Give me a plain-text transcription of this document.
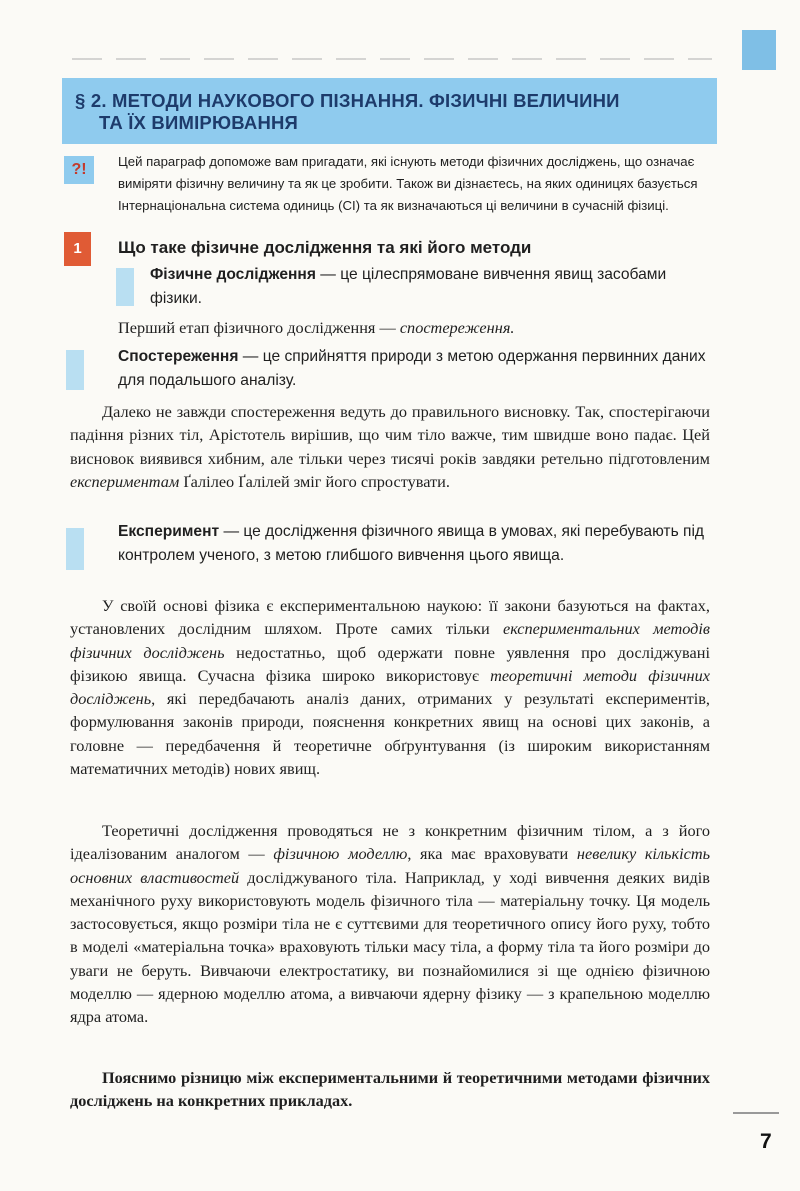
§ 2. МЕТОДИ НАУКОВОГО ПІЗНАННЯ. ФІЗИЧНІ ВЕЛИЧИНИ
ТА ЇХ ВИМІРЮВАННЯ
?!	Цей параграф допоможе вам пригадати, які існують методи фізичних досліджень, що означає виміряти фізичну величину та як це зробити. Також ви дізнаєтесь, на яких одиницях базується Інтернаціональна система одиниць (СІ) та як визначаються ці величини в сучасній фізиці.

1	Що таке фізичне дослідження та які його методи

Фізичне дослідження — це цілеспрямоване вивчення явищ засобами фізики.

Перший етап фізичного дослідження — спостереження.

Спостереження — це сприйняття природи з метою одержання первинних даних для подальшого аналізу.

Далеко не завжди спостереження ведуть до правильного висновку. Так, спостерігаючи падіння різних тіл, Арістотель вирішив, що чим тіло важче, тим швидше воно падає. Цей висновок виявився хибним, але тільки через тисячі років завдяки ретельно підготовленим експериментам Ґалілео Ґалілей зміг його спростувати.

Експеримент — це дослідження фізичного явища в умовах, які перебувають під контролем ученого, з метою глибшого вивчення цього явища.

У своїй основі фізика є експериментальною наукою: її закони базуються на фактах, установлених дослідним шляхом. Проте самих тільки експериментальних методів фізичних досліджень недостатньо, щоб одержати повне уявлення про досліджувані фізикою явища. Сучасна фізика широко використовує теоретичні методи фізичних досліджень, які передбачають аналіз даних, отриманих у результаті експериментів, формулювання законів природи, пояснення конкретних явищ на основі цих законів, а головне — передбачення й теоретичне обґрунтування (із широким використанням математичних методів) нових явищ.

Теоретичні дослідження проводяться не з конкретним фізичним тілом, а з його ідеалізованим аналогом — фізичною моделлю, яка має враховувати невелику кількість основних властивостей досліджуваного тіла. Наприклад, у ході вивчення деяких видів механічного руху використовують модель фізичного тіла — матеріальну точку. Ця модель застосовується, якщо розміри тіла не є суттєвими для теоретичного опису його руху, тобто в моделі «матеріальна точка» враховують тільки масу тіла, а форму тіла та його розміри до уваги не беруть. Вивчаючи електростатику, ви познайомилися зі ще однією фізичною моделлю — ядерною моделлю атома, а вивчаючи ядерну фізику — з крапельною моделлю ядра атома.

Пояснимо різницю між експериментальними й теоретичними методами фізичних досліджень на конкретних прикладах.

7
